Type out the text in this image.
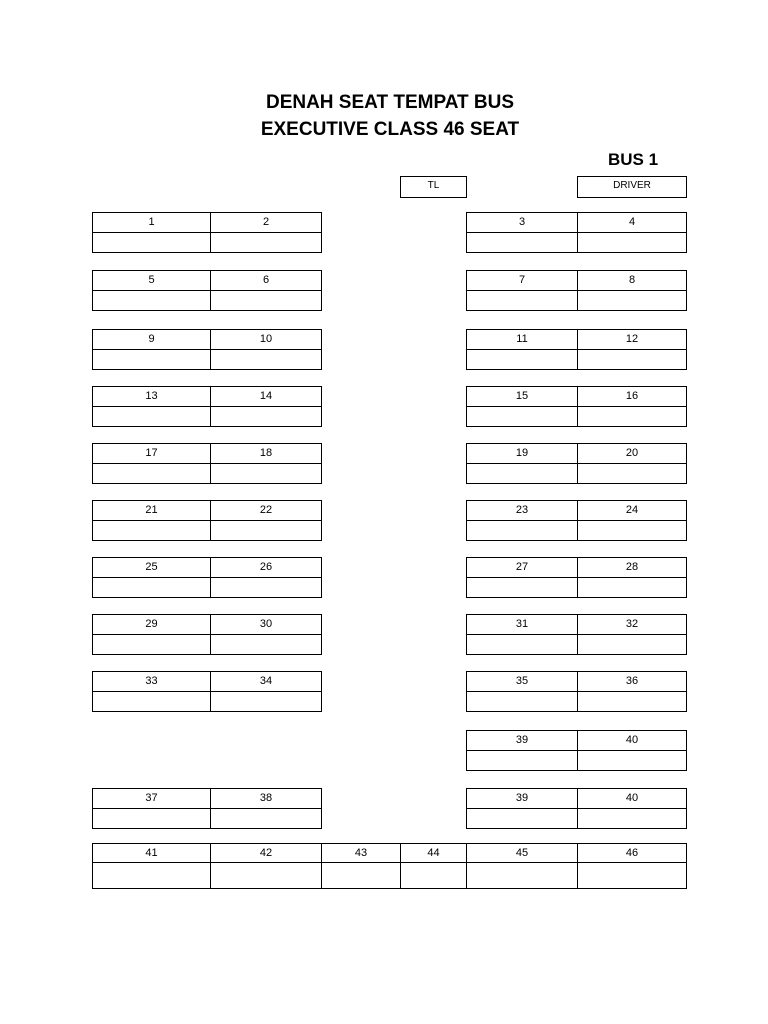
DENAH SEAT TEMPAT BUS
EXECUTIVE CLASS 46 SEAT
BUS 1
TL	DRIVER
1	2	3	4
5	6	7	8
9	10	11	12
13	14	15	16
17	18	19	20
21	22	23	24
25	26	27	28
29	30	31	32
33	34	35	36
39	40
37	38	39	40
41	42	43	44	45	46
